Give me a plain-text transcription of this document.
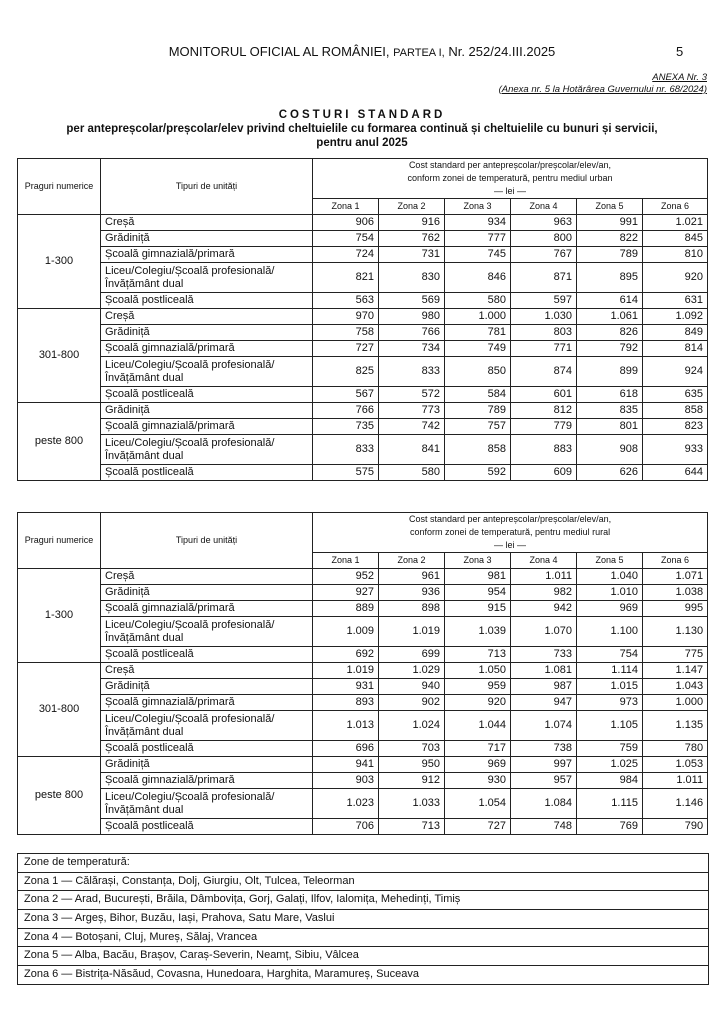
MONITORUL OFICIAL AL ROMÂNIEI, PARTEA I, Nr. 252/24.III.2025	5
ANEXA Nr. 3
(Anexa nr. 5 la Hotărârea Guvernului nr. 68/2024)
COSTURI STANDARD
per antepreșcolar/preșcolar/elev privind cheltuielile cu formarea continuă și cheltuielile cu bunuri și servicii,
pentru anul 2025
Praguri numerice	Tipuri de unități	Cost standard per antepreșcolar/preșcolar/elev/an,
conform zonei de temperatură, pentru mediul urban
— lei —					

		Zona 1	Zona 2	Zona 3	Zona 4	Zona 5	Zona 6
1-300	Creșă	906	916	934	963	991	1.021
	Grădiniță	754	762	777	800	822	845
	Școală gimnazială/primară	724	731	745	767	789	810
	Liceu/Colegiu/Școală profesională/Învățământ dual	821	830	846	871	895	920
	Școală postliceală	563	569	580	597	614	631
301-800	Creșă	970	980	1.000	1.030	1.061	1.092
	Grădiniță	758	766	781	803	826	849
	Școală gimnazială/primară	727	734	749	771	792	814
	Liceu/Colegiu/Școală profesională/Învățământ dual	825	833	850	874	899	924
	Școală postliceală	567	572	584	601	618	635
peste 800	Grădiniță	766	773	789	812	835	858
	Școală gimnazială/primară	735	742	757	779	801	823
	Liceu/Colegiu/Școală profesională/Învățământ dual	833	841	858	883	908	933
	Școală postliceală	575	580	592	609	626	644
Praguri numerice	Tipuri de unități	Cost standard per antepreșcolar/preșcolar/elev/an,
conform zonei de temperatură, pentru mediul rural
— lei —					

		Zona 1	Zona 2	Zona 3	Zona 4	Zona 5	Zona 6
1-300	Creșă	952	961	981	1.011	1.040	1.071
	Grădiniță	927	936	954	982	1.010	1.038
	Școală gimnazială/primară	889	898	915	942	969	995
	Liceu/Colegiu/Școală profesională/Învățământ dual	1.009	1.019	1.039	1.070	1.100	1.130
	Școală postliceală	692	699	713	733	754	775
301-800	Creșă	1.019	1.029	1.050	1.081	1.114	1.147
	Grădiniță	931	940	959	987	1.015	1.043
	Școală gimnazială/primară	893	902	920	947	973	1.000
	Liceu/Colegiu/Școală profesională/Învățământ dual	1.013	1.024	1.044	1.074	1.105	1.135
	Școală postliceală	696	703	717	738	759	780
peste 800	Grădiniță	941	950	969	997	1.025	1.053
	Școală gimnazială/primară	903	912	930	957	984	1.011
	Liceu/Colegiu/Școală profesională/Învățământ dual	1.023	1.033	1.054	1.084	1.115	1.146
	Școală postliceală	706	713	727	748	769	790
Zone de temperatură:
Zona 1 — Călărași, Constanța, Dolj, Giurgiu, Olt, Tulcea, Teleorman
Zona 2 — Arad, București, Brăila, Dâmbovița, Gorj, Galați, Ilfov, Ialomița, Mehedinți, Timiș
Zona 3 — Argeș, Bihor, Buzău, Iași, Prahova, Satu Mare, Vaslui
Zona 4 — Botoșani, Cluj, Mureș, Sălaj, Vrancea
Zona 5 — Alba, Bacău, Brașov, Caraș-Severin, Neamț, Sibiu, Vâlcea
Zona 6 — Bistrița-Năsăud, Covasna, Hunedoara, Harghita, Maramureș, Suceava
